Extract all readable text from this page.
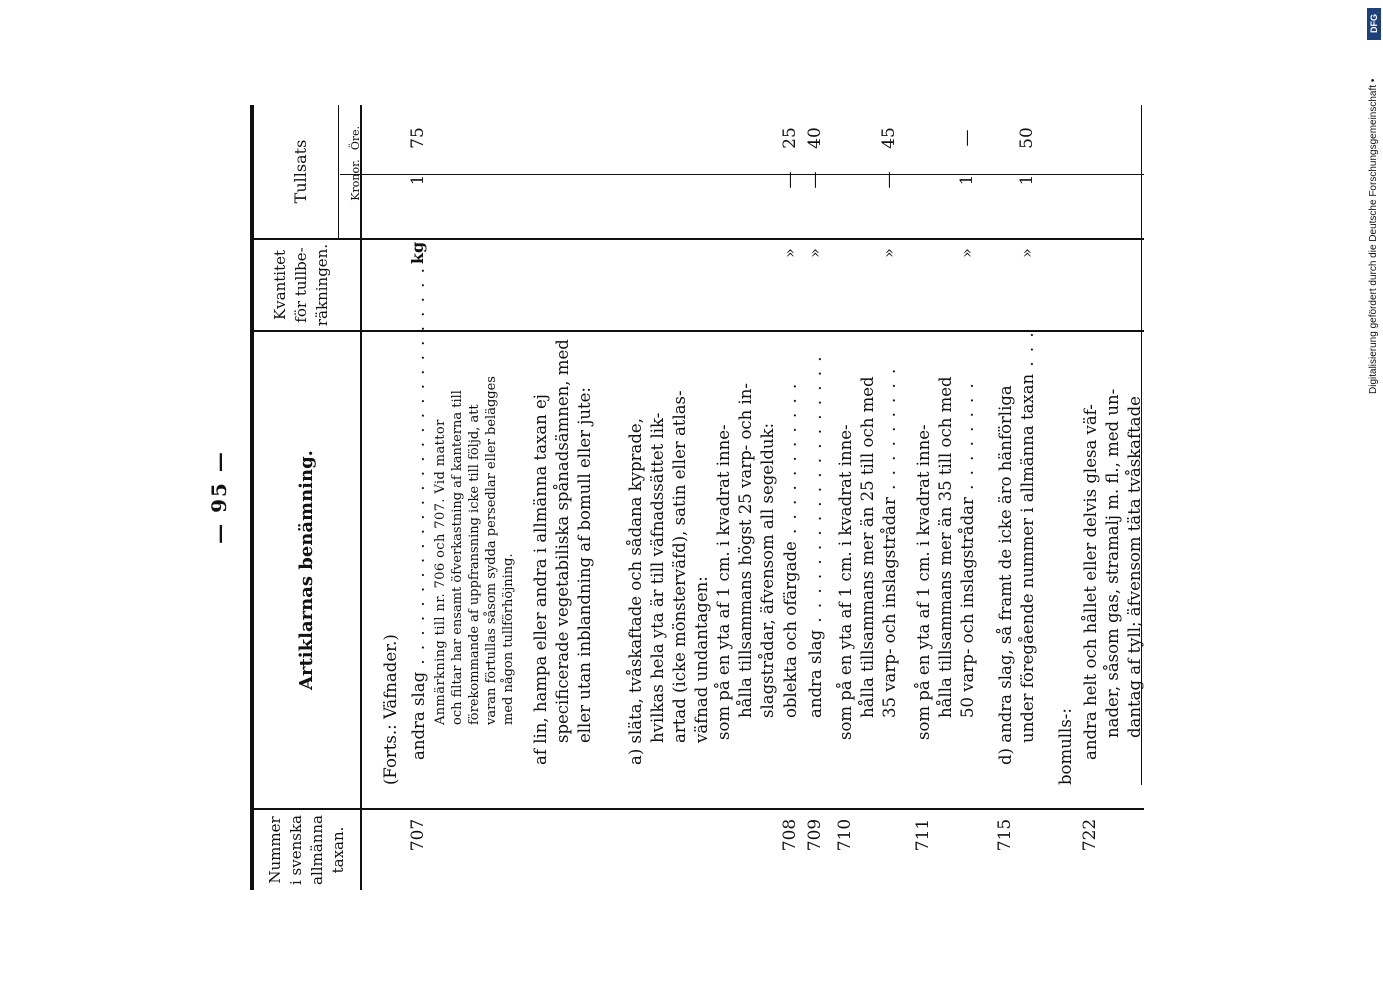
— 95 —
Nummer i svenska allmänna taxan.
Artiklarnas benämning.
Kvantitet för tullbe- räkningen.
Tullsats	Kronor.
Öre.
(Forts.: Väfnader.)
707
andra slag . . . . . . . . . . . . . . . . . . . . . . . . . . . .
kg
1
75
Anmärkning till nr. 706 och 707. Vid mattor och filtar har ensamt öfverkastning af kanterna till förekommande af uppfransning icke till följd, att varan förtullas såsom sydda persedlar eller belägges med någon tullförhöjning. af lin, hampa eller andra i allmänna taxan ej specificerade vegetabiliska spånadsämnen, med eller utan inblandning af bomull eller jute: a) släta, tvåskaftade och sådana kyprade, hvilkas hela yta är till väfnadssättet lik- artad (icke mönsterväfd), satin eller atlas- väfnad undantagen: som på en yta af 1 cm. i kvadrat inne- hålla tillsammans högst 25 varp- och in- slagstrådar, äfvensom all segelduk:
708
oblekta och ofärgade . . . . . . . . . . .
»
—
25
709
andra slag . . . . . . . . . . . . . . . . . . .
»
—
40
710
som på en yta af 1 cm. i kvadrat inne- hålla tillsammans mer än 25 till och med 35 varp- och inslagstrådar . . . . . . . . .
»
—
45
711
som på en yta af 1 cm. i kvadrat inne- hålla tillsammans mer än 35 till och med 50 varp- och inslagstrådar . . . . . . . .
»
1
—
715
d) andra slag, så framt de icke äro hänförliga under föregående nummer i allmänna taxan . . .
»
1
50
bomulls-:
722
andra helt och hållet eller delvis glesa väf- nader, såsom gas, stramalj m. fl., med un- dantag af tyll; äfvensom täta tvåskaftade
DFG
Digitalisierung gefördert durch die Deutsche Forschungsgemeinschaft •
